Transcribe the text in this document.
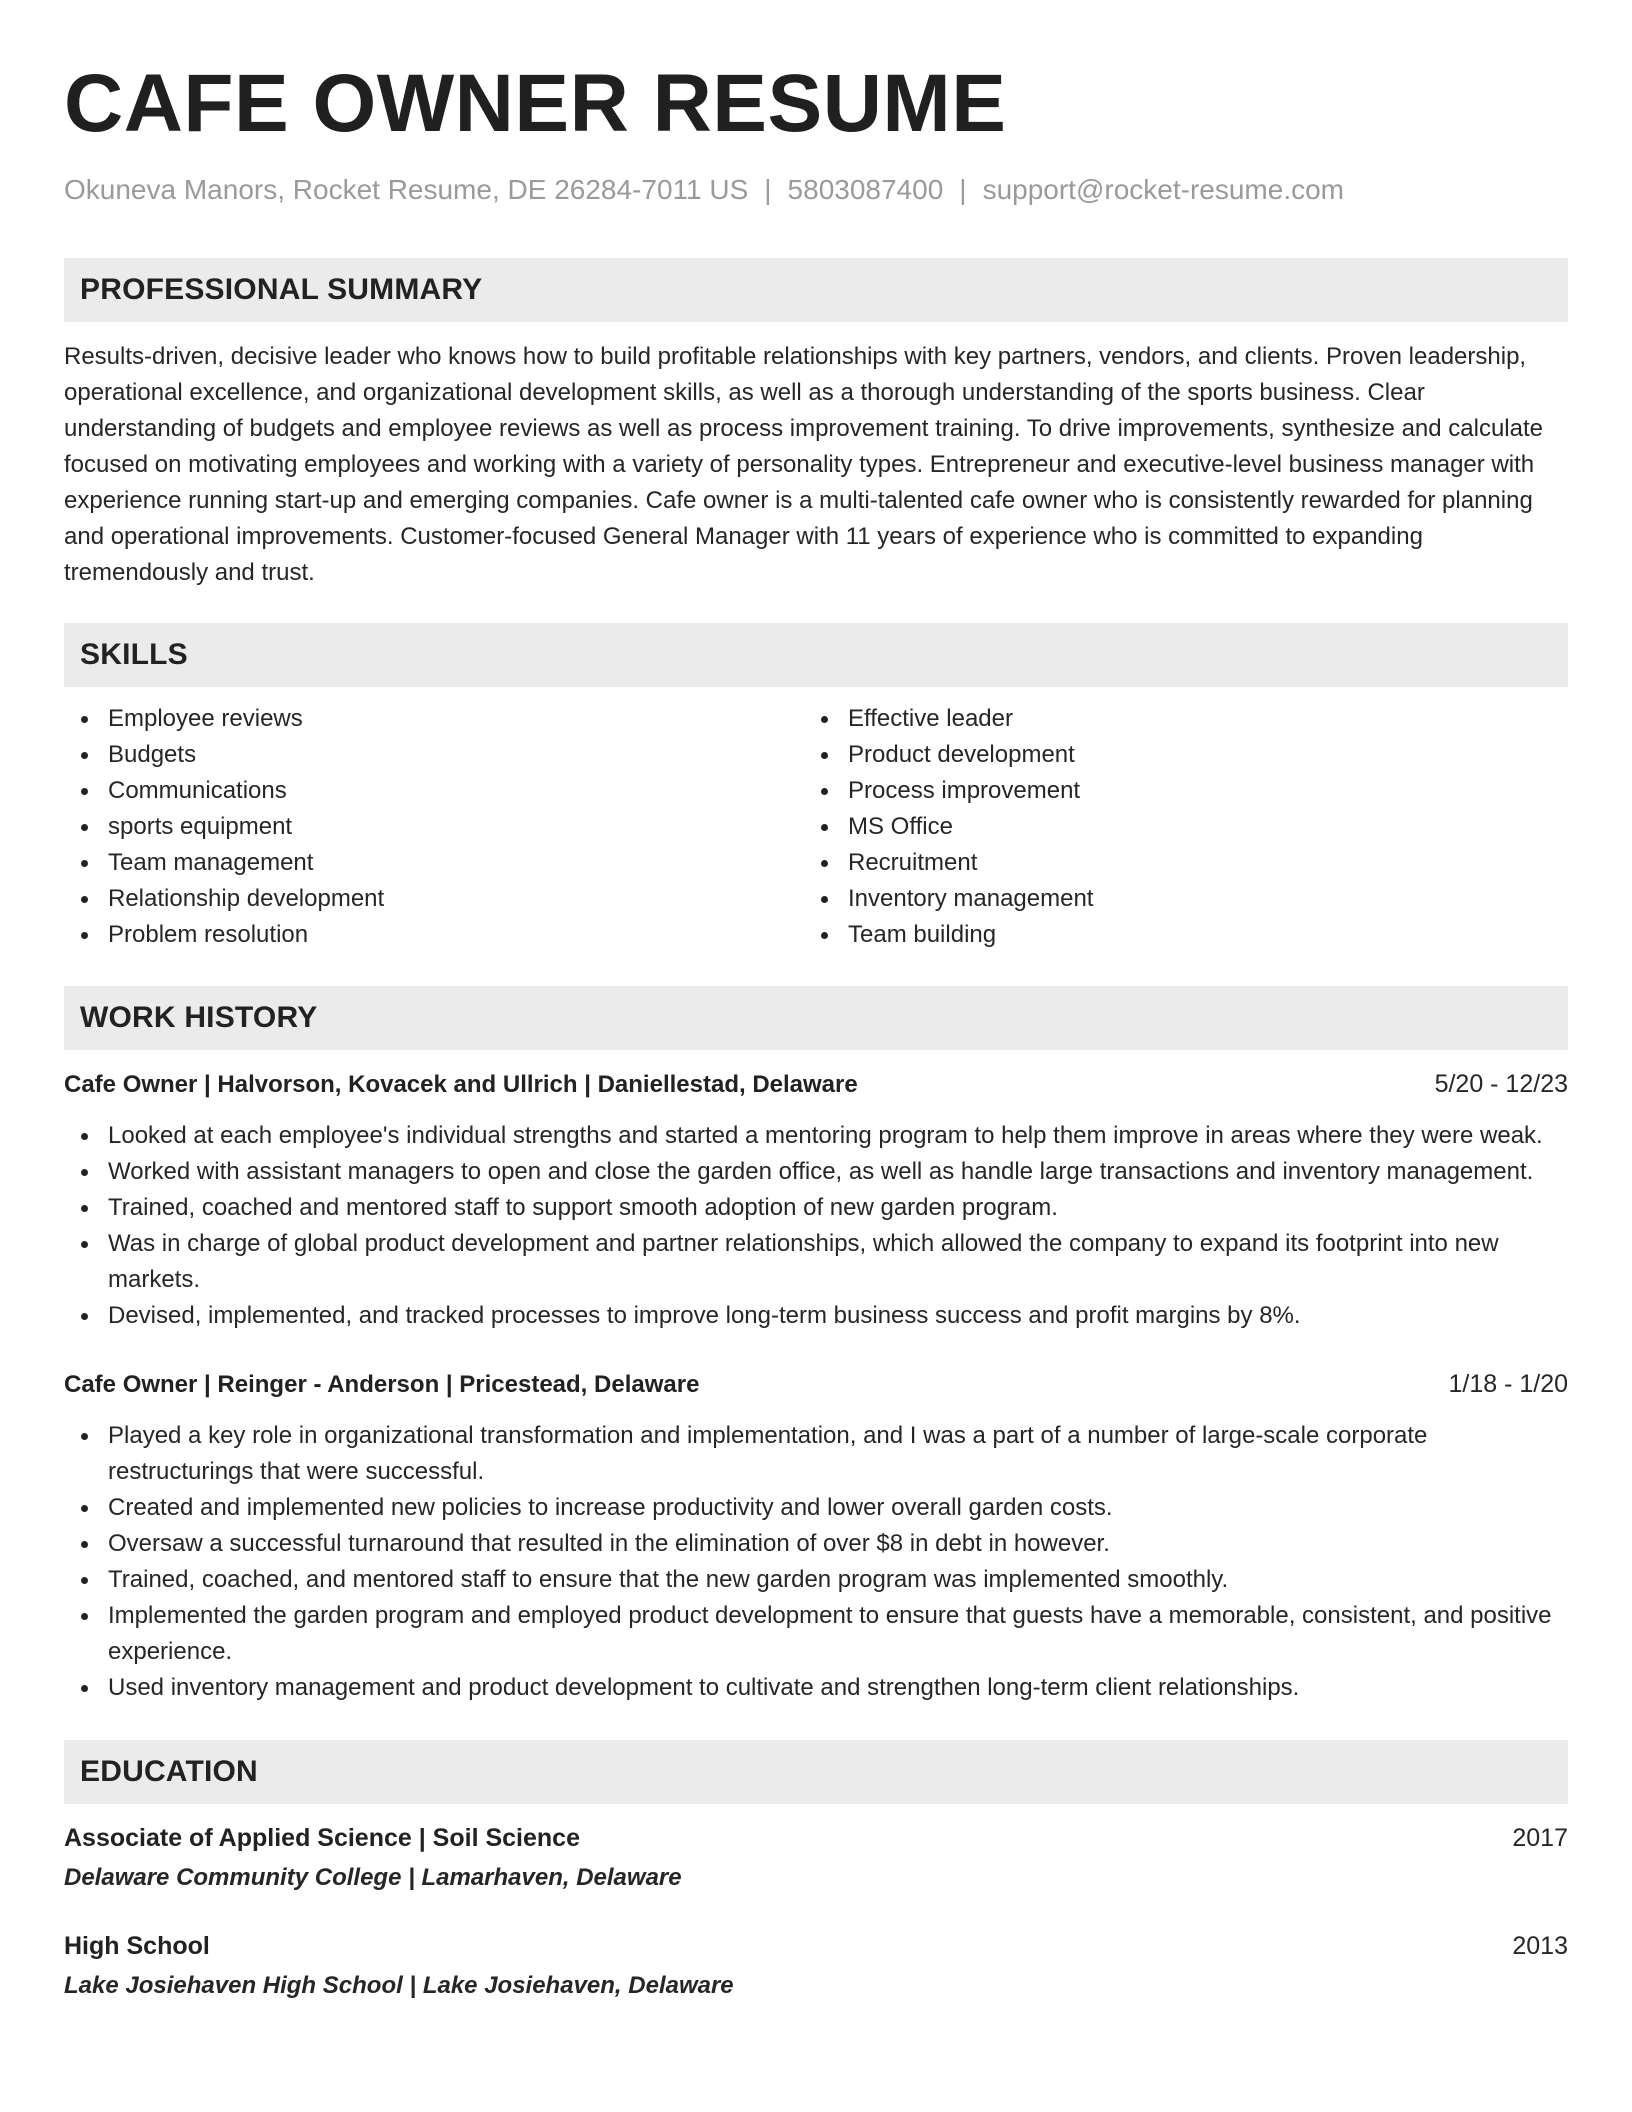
CAFE OWNER RESUME
Okuneva Manors, Rocket Resume, DE 26284-7011 US | 5803087400 | support@rocket-resume.com
PROFESSIONAL SUMMARY

Results-driven, decisive leader who knows how to build profitable relationships with key partners, vendors, and clients. Proven leadership, operational excellence, and organizational development skills, as well as a thorough understanding of the sports business. Clear understanding of budgets and employee reviews as well as process improvement training. To drive improvements, synthesize and calculate focused on motivating employees and working with a variety of personality types. Entrepreneur and executive-level business manager with experience running start-up and emerging companies. Cafe owner is a multi-talented cafe owner who is consistently rewarded for planning and operational improvements. Customer-focused General Manager with 11 years of experience who is committed to expanding tremendously and trust.

SKILLS
Employee reviews
Budgets
Communications
sports equipment
Team management
Relationship development
Problem resolution
Effective leader
Product development
Process improvement
MS Office
Recruitment
Inventory management
Team building
WORK HISTORY
Cafe Owner | Halvorson, Kovacek and Ullrich | Daniellestad, Delaware	5/20 - 12/23
Looked at each employee's individual strengths and started a mentoring program to help them improve in areas where they were weak.
Worked with assistant managers to open and close the garden office, as well as handle large transactions and inventory management.
Trained, coached and mentored staff to support smooth adoption of new garden program.
Was in charge of global product development and partner relationships, which allowed the company to expand its footprint into new markets.
Devised, implemented, and tracked processes to improve long-term business success and profit margins by 8%.
Cafe Owner | Reinger - Anderson | Pricestead, Delaware	1/18 - 1/20
Played a key role in organizational transformation and implementation, and I was a part of a number of large-scale corporate restructurings that were successful.
Created and implemented new policies to increase productivity and lower overall garden costs.
Oversaw a successful turnaround that resulted in the elimination of over $8 in debt in however.
Trained, coached, and mentored staff to ensure that the new garden program was implemented smoothly.
Implemented the garden program and employed product development to ensure that guests have a memorable, consistent, and positive experience.
Used inventory management and product development to cultivate and strengthen long-term client relationships.
EDUCATION
Associate of Applied Science | Soil Science	2017
Delaware Community College | Lamarhaven, Delaware
High School	2013
Lake Josiehaven High School | Lake Josiehaven, Delaware
